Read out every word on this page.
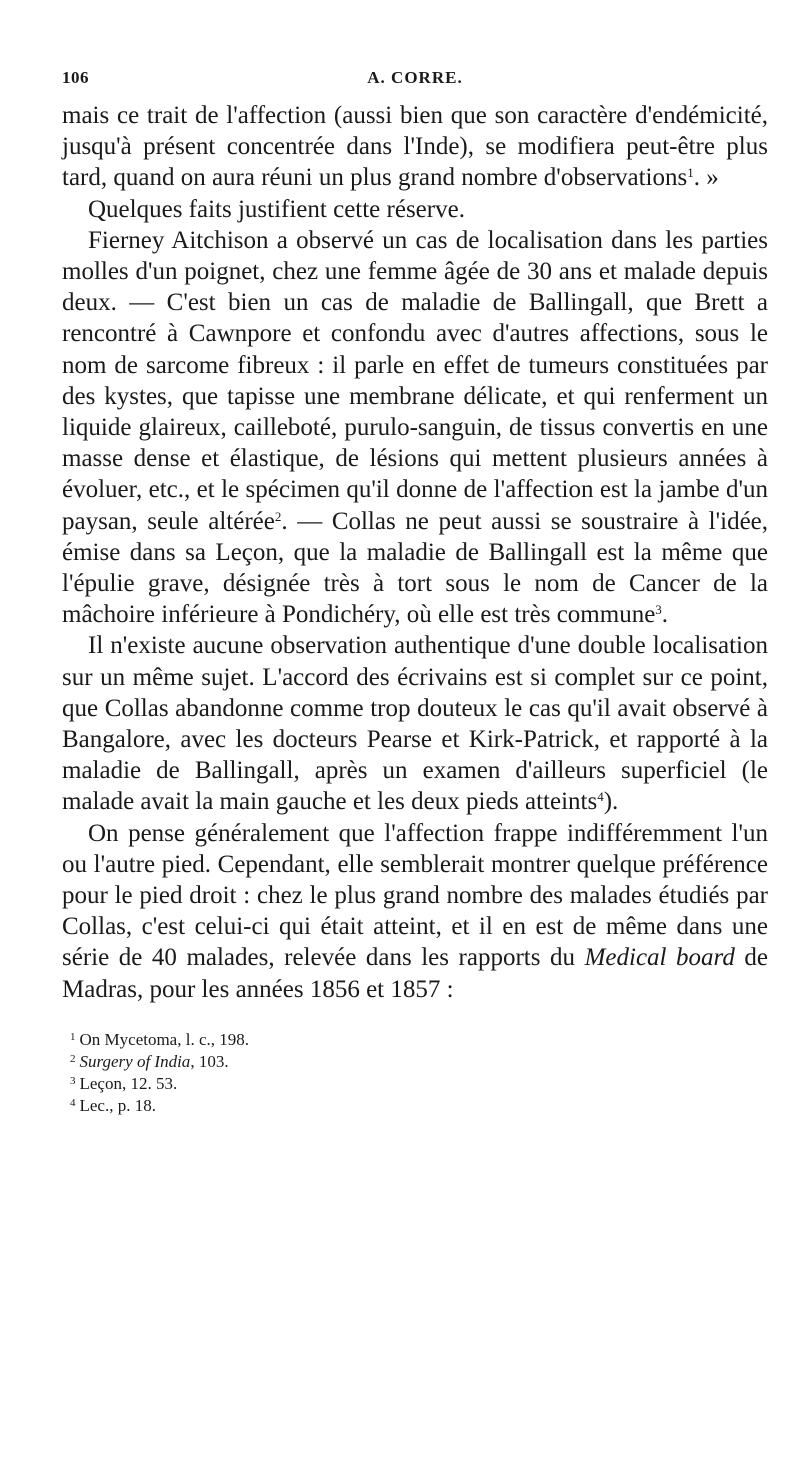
106	A. CORRE.

mais ce trait de l'affection (aussi bien que son caractère d'endémicité, jusqu'à présent concentrée dans l'Inde), se modifiera peut-être plus tard, quand on aura réuni un plus grand nombre d'observations$^1$. »

Quelques faits justifient cette réserve.

Fierney Aitchison a observé un cas de localisation dans les parties molles d'un poignet, chez une femme âgée de 30 ans et malade depuis deux. — C'est bien un cas de maladie de Ballingall, que Brett a rencontré à Cawnpore et confondu avec d'autres affections, sous le nom de sarcome fibreux : il parle en effet de tumeurs constituées par des kystes, que tapisse une membrane délicate, et qui renferment un liquide glaireux, cailleboté, purulo-sanguin, de tissus convertis en une masse dense et élastique, de lésions qui mettent plusieurs années à évoluer, etc., et le spécimen qu'il donne de l'affection est la jambe d'un paysan, seule altérée$^2$. — Collas ne peut aussi se soustraire à l'idée, émise dans sa Leçon, que la maladie de Ballingall est la même que l'épulie grave, désignée très à tort sous le nom de Cancer de la mâchoire inférieure à Pondichéry, où elle est très commune$^3$.

Il n'existe aucune observation authentique d'une double localisation sur un même sujet. L'accord des écrivains est si complet sur ce point, que Collas abandonne comme trop douteux le cas qu'il avait observé à Bangalore, avec les docteurs Pearse et Kirk-Patrick, et rapporté à la maladie de Ballingall, après un examen d'ailleurs superficiel (le malade avait la main gauche et les deux pieds atteints$^4$).

On pense généralement que l'affection frappe indifféremment l'un ou l'autre pied. Cependant, elle semblerait montrer quelque préférence pour le pied droit : chez le plus grand nombre des malades étudiés par Collas, c'est celui-ci qui était atteint, et il en est de même dans une série de 40 malades, relevée dans les rapports du Medical board de Madras, pour les années 1856 et 1857 :

$^1$ On Mycetoma, l. c., 198.

$^2$ Surgery of India, 103.

$^3$ Leçon, 12. 53.

$^4$ Lec., p. 18.
